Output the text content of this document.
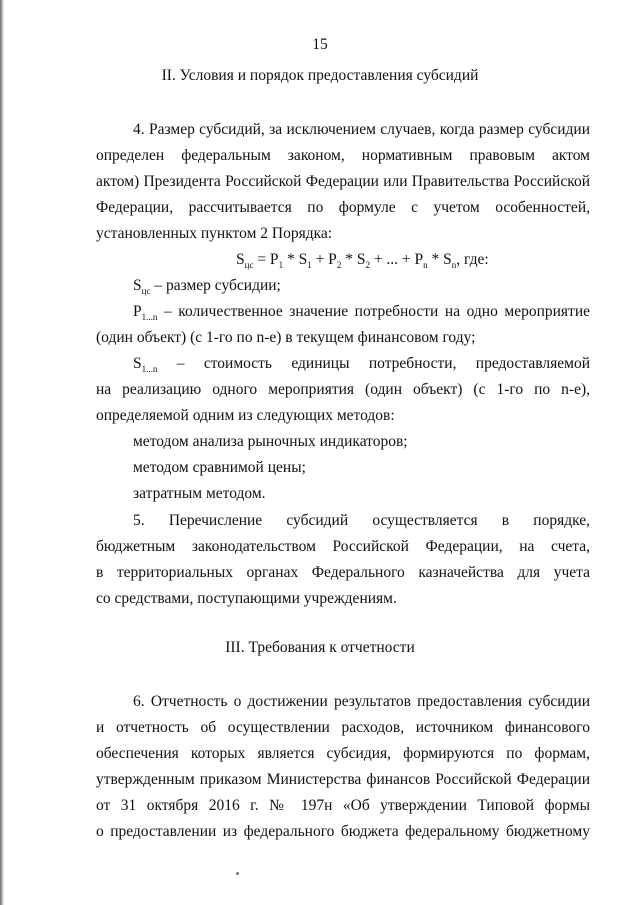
15
II. Условия и порядок предоставления субсидий
4. Размер субсидий, за исключением случаев, когда размер субсидии
определен федеральным законом, нормативным правовым актом
актом) Президента Российской Федерации или Правительства Российской
Федерации, рассчитывается по формуле с учетом особенностей,
установленных пунктом 2 Порядка:
$S_{цс} = P_1 * S_1 + P_2 * S_2$ + ... + $P_n * S_n$, где:
$S_{цс}$ – размер субсидии;
$P_{1...n}$ – количественное значение потребности на одно мероприятие
(один объект) (с 1-го по n-е) в текущем финансовом году;
$S_{1...n}$ – стоимость единицы потребности, предоставляемой
на реализацию одного мероприятия (один объект) (с 1-го по n-е),
определяемой одним из следующих методов:
методом анализа рыночных индикаторов;
методом сравнимой цены;
затратным методом.
5. Перечисление субсидий осуществляется в порядке,
бюджетным законодательством Российской Федерации, на счета,
в территориальных органах Федерального казначейства для учета
со средствами, поступающими учреждениям.
III. Требования к отчетности
6. Отчетность о достижении результатов предоставления субсидии
и отчетность об осуществлении расходов, источником финансового
обеспечения которых является субсидия, формируются по формам,
утвержденным приказом Министерства финансов Российской Федерации
от 31 октября 2016 г. № 197н «Об утверждении Типовой формы
о предоставлении из федерального бюджета федеральному бюджетному
